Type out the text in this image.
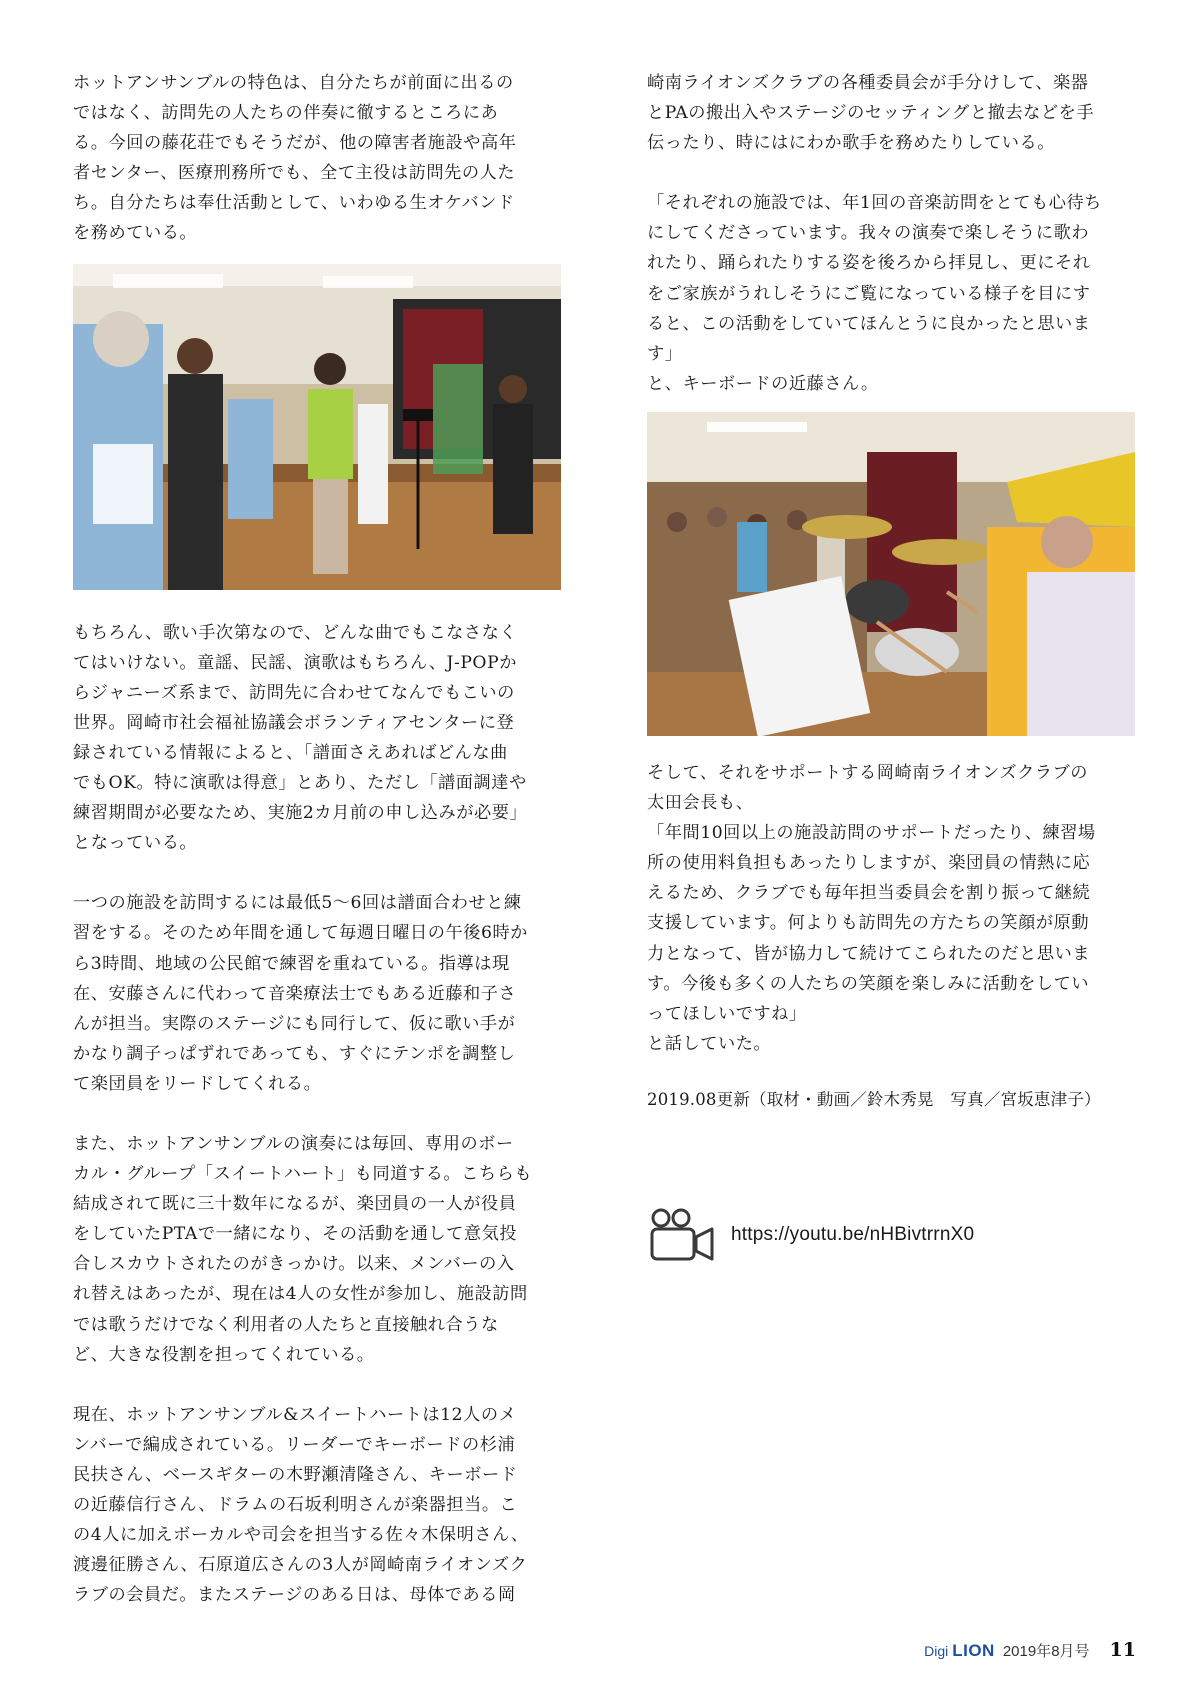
ホットアンサンブルの特色は、自分たちが前面に出るの
ではなく、訪問先の人たちの伴奏に徹するところにあ
る。今回の藤花荘でもそうだが、他の障害者施設や高年
者センター、医療刑務所でも、全て主役は訪問先の人た
ち。自分たちは奉仕活動として、いわゆる生オケバンド
を務めている。

もちろん、歌い手次第なので、どんな曲でもこなさなく
てはいけない。童謡、民謡、演歌はもちろん、J-POPか
らジャニーズ系まで、訪問先に合わせてなんでもこいの
世界。岡崎市社会福祉協議会ボランティアセンターに登
録されている情報によると、「譜面さえあればどんな曲
でもOK。特に演歌は得意」とあり、ただし「譜面調達や
練習期間が必要なため、実施2カ月前の申し込みが必要」
となっている。

一つの施設を訪問するには最低5～6回は譜面合わせと練
習をする。そのため年間を通して毎週日曜日の午後6時か
ら3時間、地域の公民館で練習を重ねている。指導は現
在、安藤さんに代わって音楽療法士でもある近藤和子さ
んが担当。実際のステージにも同行して、仮に歌い手が
かなり調子っぱずれであっても、すぐにテンポを調整し
て楽団員をリードしてくれる。

また、ホットアンサンブルの演奏には毎回、専用のボー
カル・グループ「スイートハート」も同道する。こちらも
結成されて既に三十数年になるが、楽団員の一人が役員
をしていたPTAで一緒になり、その活動を通して意気投
合しスカウトされたのがきっかけ。以来、メンバーの入
れ替えはあったが、現在は4人の女性が参加し、施設訪問
では歌うだけでなく利用者の人たちと直接触れ合うな
ど、大きな役割を担ってくれている。

現在、ホットアンサンブル&スイートハートは12人のメ
ンバーで編成されている。リーダーでキーボードの杉浦
民扶さん、ベースギターの木野瀬清隆さん、キーボード
の近藤信行さん、ドラムの石坂利明さんが楽器担当。こ
の4人に加えボーカルや司会を担当する佐々木保明さん、
渡邊征勝さん、石原道広さんの3人が岡崎南ライオンズク
ラブの会員だ。またステージのある日は、母体である岡

崎南ライオンズクラブの各種委員会が手分けして、楽器
とPAの搬出入やステージのセッティングと撤去などを手
伝ったり、時にはにわか歌手を務めたりしている。

「それぞれの施設では、年1回の音楽訪問をとても心待ち
にしてくださっています。我々の演奏で楽しそうに歌わ
れたり、踊られたりする姿を後ろから拝見し、更にそれ
をご家族がうれしそうにご覧になっている様子を目にす
ると、この活動をしていてほんとうに良かったと思いま
す」
と、キーボードの近藤さん。

そして、それをサポートする岡崎南ライオンズクラブの
太田会長も、
「年間10回以上の施設訪問のサポートだったり、練習場
所の使用料負担もあったりしますが、楽団員の情熱に応
えるため、クラブでも毎年担当委員会を割り振って継続
支援しています。何よりも訪問先の方たちの笑顔が原動
力となって、皆が協力して続けてこられたのだと思いま
す。今後も多くの人たちの笑顔を楽しみに活動をしてい
ってほしいですね」
と話していた。

2019.08更新（取材・動画／鈴木秀晃　写真／宮坂恵津子）

https://youtu.be/nHBivtrrnX0
Digi LION 2019年8月号 11
